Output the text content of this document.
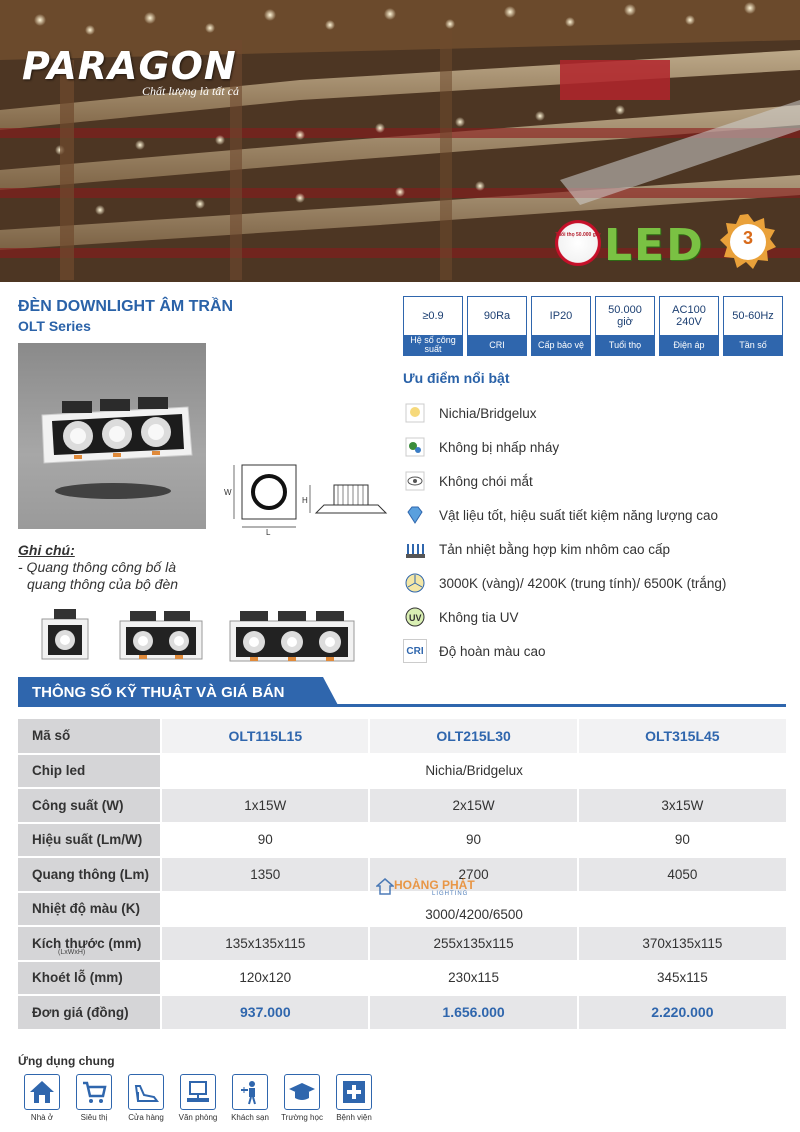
PARAGON
Chất lượng là tất cả
Tuổi thọ 50.000 giờ LED	3
ĐÈN DOWNLIGHT ÂM TRẦN
OLT Series
W
L
H
Ghi chú:
- Quang thông công bố là
quang thông của bộ đèn
≥0.9
Hệ số công suất
90Ra
CRI
IP20
Cấp bảo vệ
50.000 giờ
Tuổi thọ
AC100 240V
Điện áp
50-60Hz
Tần số
Ưu điểm nổi bật
Nichia/Bridgelux
Không bị nhấp nháy
Không chói mắt
Vật liệu tốt, hiệu suất tiết kiệm năng lượng cao
Tản nhiệt bằng hợp kim nhôm cao cấp
3000K (vàng)/ 4200K (trung tính)/ 6500K (trắng)
UV Không tia UV
CRI Độ hoàn màu cao
THÔNG SỐ KỸ THUẬT VÀ GIÁ BÁN
Mã số	OLT115L15	OLT215L30	OLT315L45
Chip led	Nichia/Bridgelux		
Công suất (W)	1x15W	2x15W	3x15W
Hiệu suất (Lm/W)	90	90	90
Quang thông (Lm)	1350	2700	4050
Nhiệt độ màu (K)	3000/4200/6500		
Kích thước (mm)
(LxWxH)	135x135x115	255x135x115	370x135x115
Khoét lỗ (mm)	120x120	230x115	345x115
Đơn giá (đồng)	937.000	1.656.000	2.220.000
HOÀNG PHÁT
LIGHTING
Ứng dụng chung
Nhà ở	Siêu thị	Cửa hàng	Văn phòng	Khách sạn	Trường học	Bệnh viện
